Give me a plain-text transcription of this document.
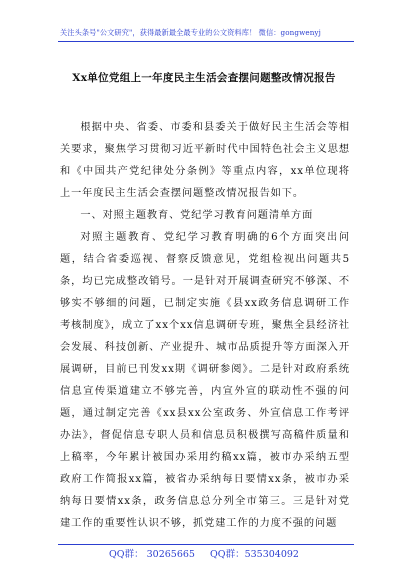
关注头条号"公文研究"，获得最新最全最专业的公文资料库！ 微信：gongwenyj
Xx单位党组上一年度民主生活会查摆问题整改情况报告

根据中央、省委、市委和县委关于做好民主生活会等相关要求，聚焦学习贯彻习近平新时代中国特色社会主义思想和《中国共产党纪律处分条例》等重点内容，xx单位现将上一年度民主生活会查摆问题整改情况报告如下。

一、对照主题教育、党纪学习教育问题清单方面

对照主题教育、党纪学习教育明确的6个方面突出问题，结合省委巡视、督察反馈意见，党组检视出问题共5条，均已完成整改销号。一是针对开展调查研究不够深、不够实不够细的问题，已制定实施《县xx政务信息调研工作考核制度》，成立了xx个xx信息调研专班，聚焦全县经济社会发展、科技创新、产业提升、城市品质提升等方面深入开展调研，目前已刊发xx期《调研参阅》。二是针对政府系统信息宣传渠道建立不够完善，内宣外宣的联动性不强的问题，通过制定完善《xx县xx公室政务、外宣信息工作考评办法》，督促信息专职人员和信息员积极撰写高稿件质量和上稿率，今年累计被国办采用约稿xx篇，被市办采纳五型政府工作简报xx篇，被省办采纳每日要情xx条，被市办采纳每日要情xx条，政务信息总分列全市第三。三是针对党建工作的重要性认识不够，抓党建工作的力度不强的问题

QQ群： 30265665 QQ群：535304092
